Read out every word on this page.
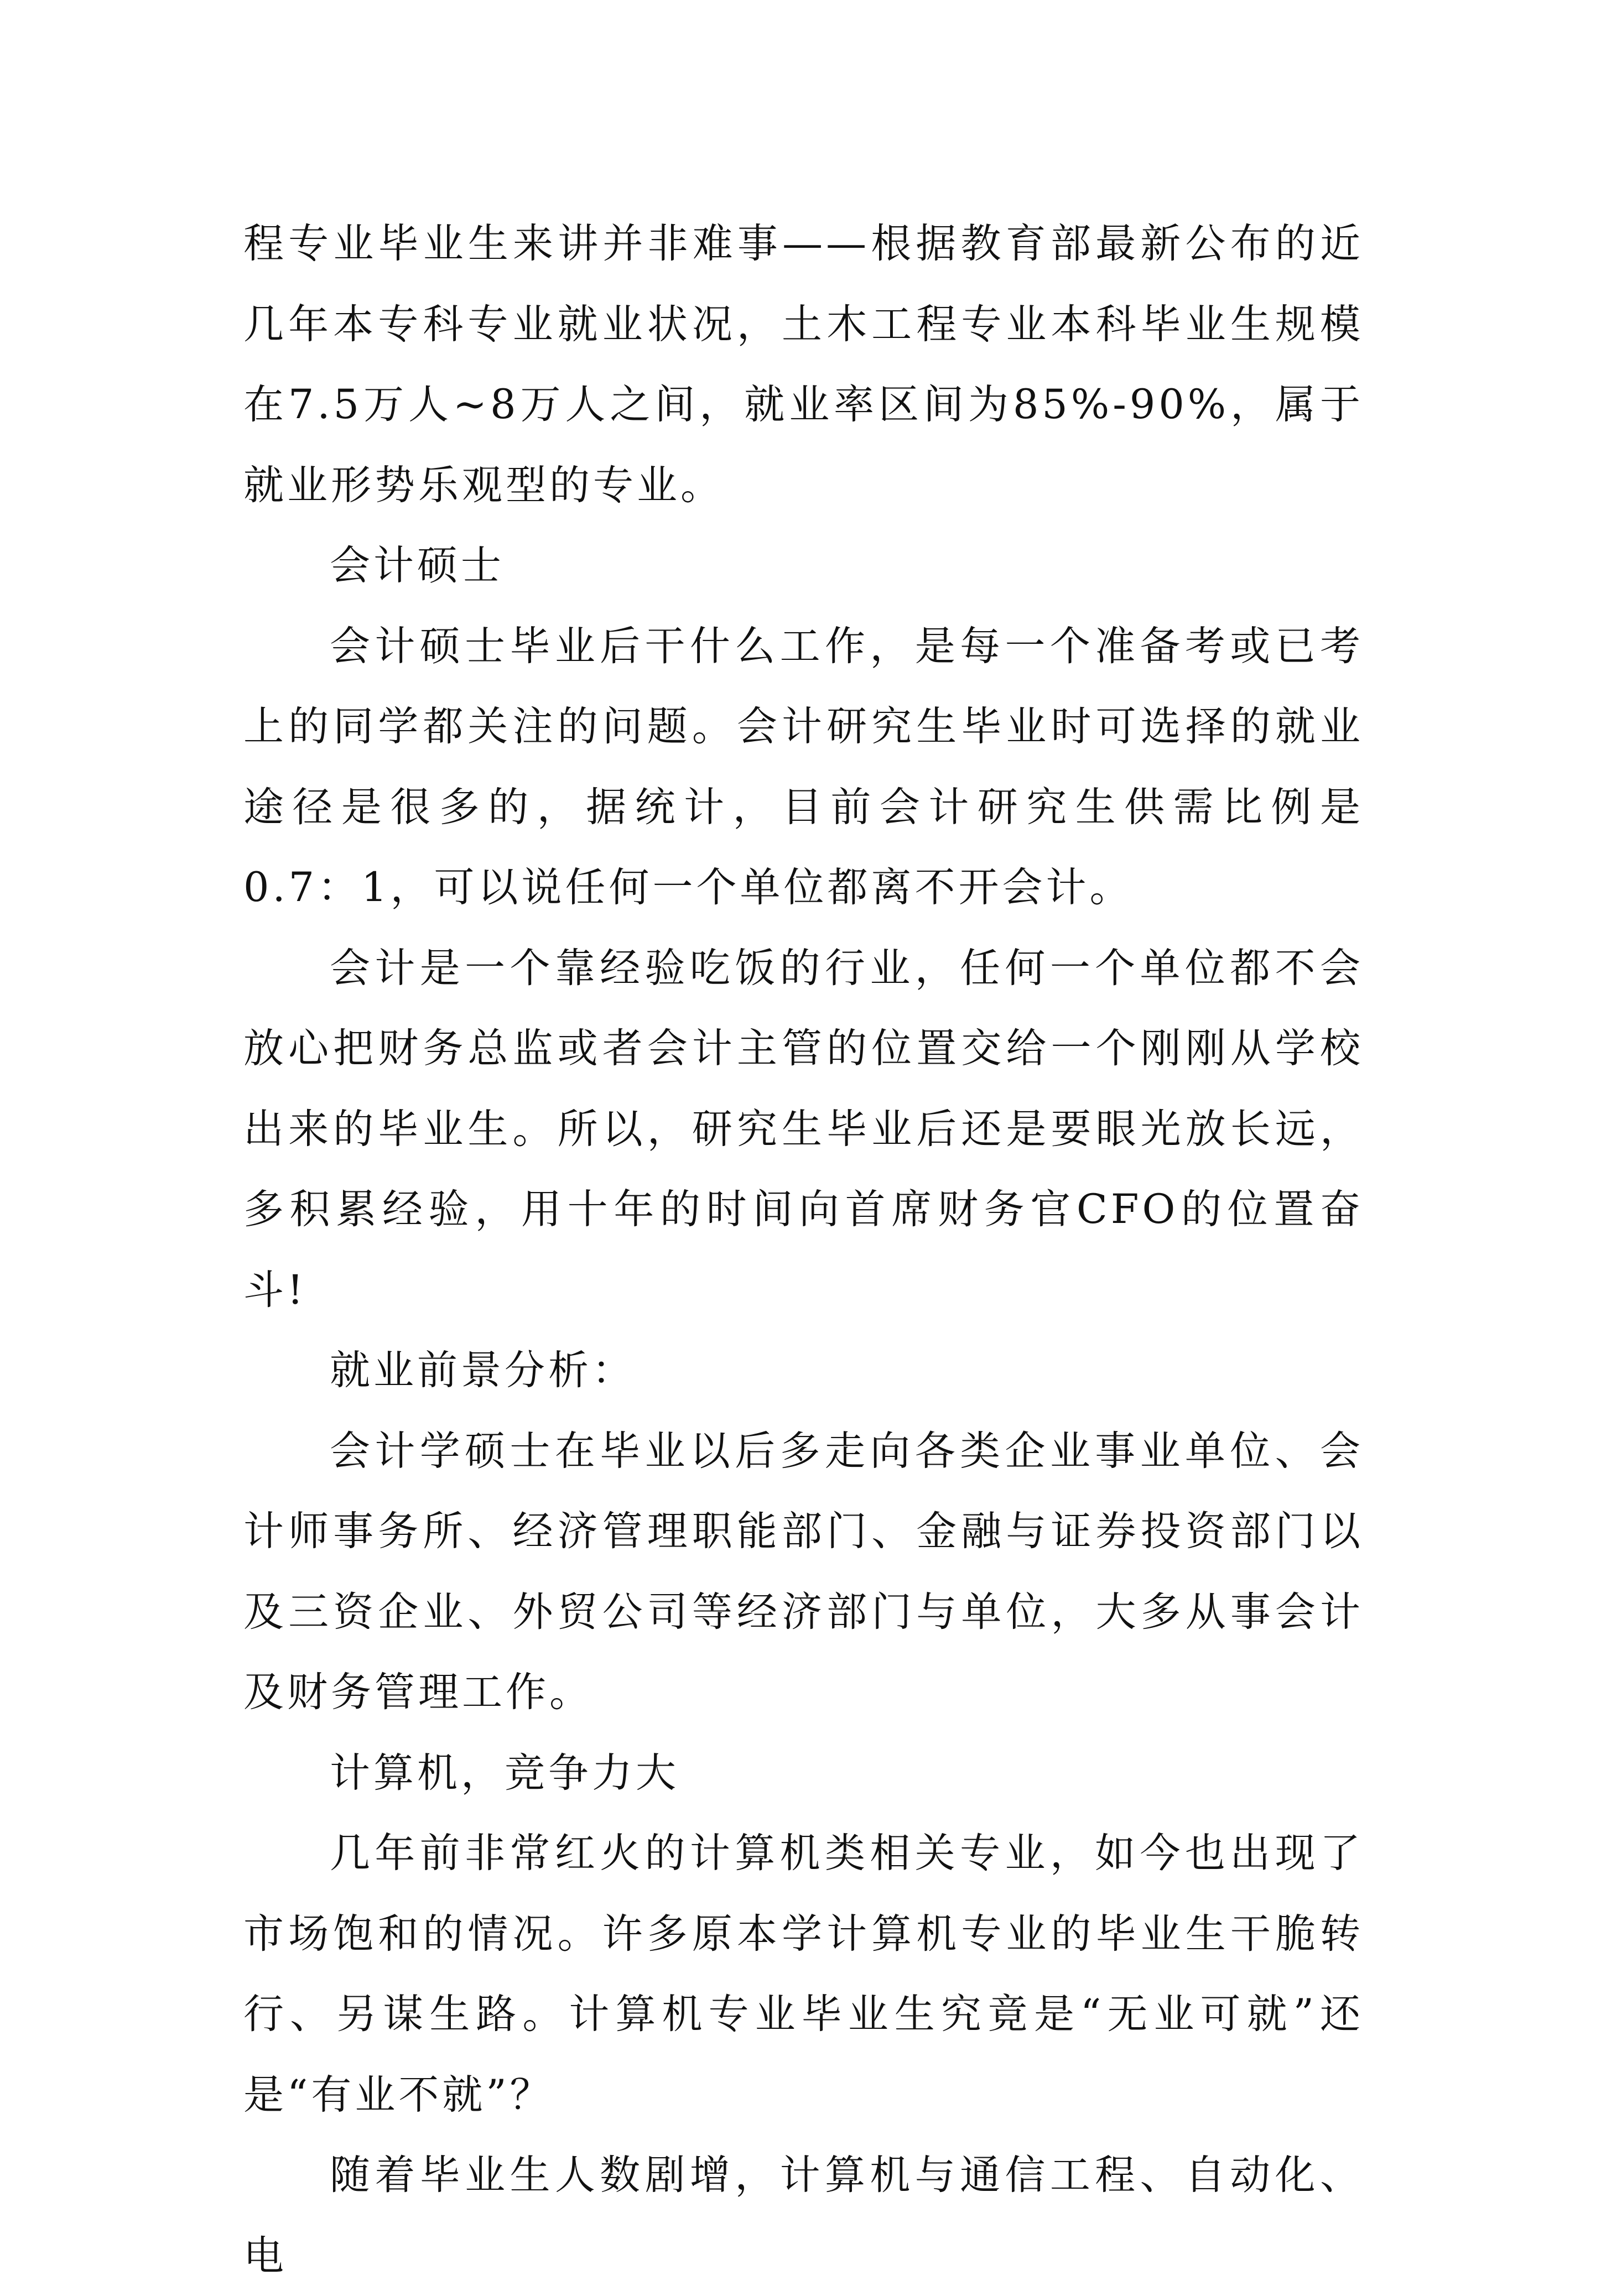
程专业毕业生来讲并非难事——根据教育部最新公布的近几年本专科专业就业状况，土木工程专业本科毕业生规模在7.5万人~8万人之间，就业率区间为85%-90%，属于就业形势乐观型的专业。

会计硕士

会计硕士毕业后干什么工作，是每一个准备考或已考上的同学都关注的问题。会计研究生毕业时可选择的就业途径是很多的，据统计，目前会计研究生供需比例是0.7：1，可以说任何一个单位都离不开会计。

会计是一个靠经验吃饭的行业，任何一个单位都不会放心把财务总监或者会计主管的位置交给一个刚刚从学校出来的毕业生。所以，研究生毕业后还是要眼光放长远，多积累经验，用十年的时间向首席财务官CFO的位置奋斗!

就业前景分析：

会计学硕士在毕业以后多走向各类企业事业单位、会计师事务所、经济管理职能部门、金融与证券投资部门以及三资企业、外贸公司等经济部门与单位，大多从事会计及财务管理工作。

计算机，竞争力大

几年前非常红火的计算机类相关专业，如今也出现了市场饱和的情况。许多原本学计算机专业的毕业生干脆转行、另谋生路。计算机专业毕业生究竟是“无业可就”还是“有业不就”？

随着毕业生人数剧增，计算机与通信工程、自动化、电
